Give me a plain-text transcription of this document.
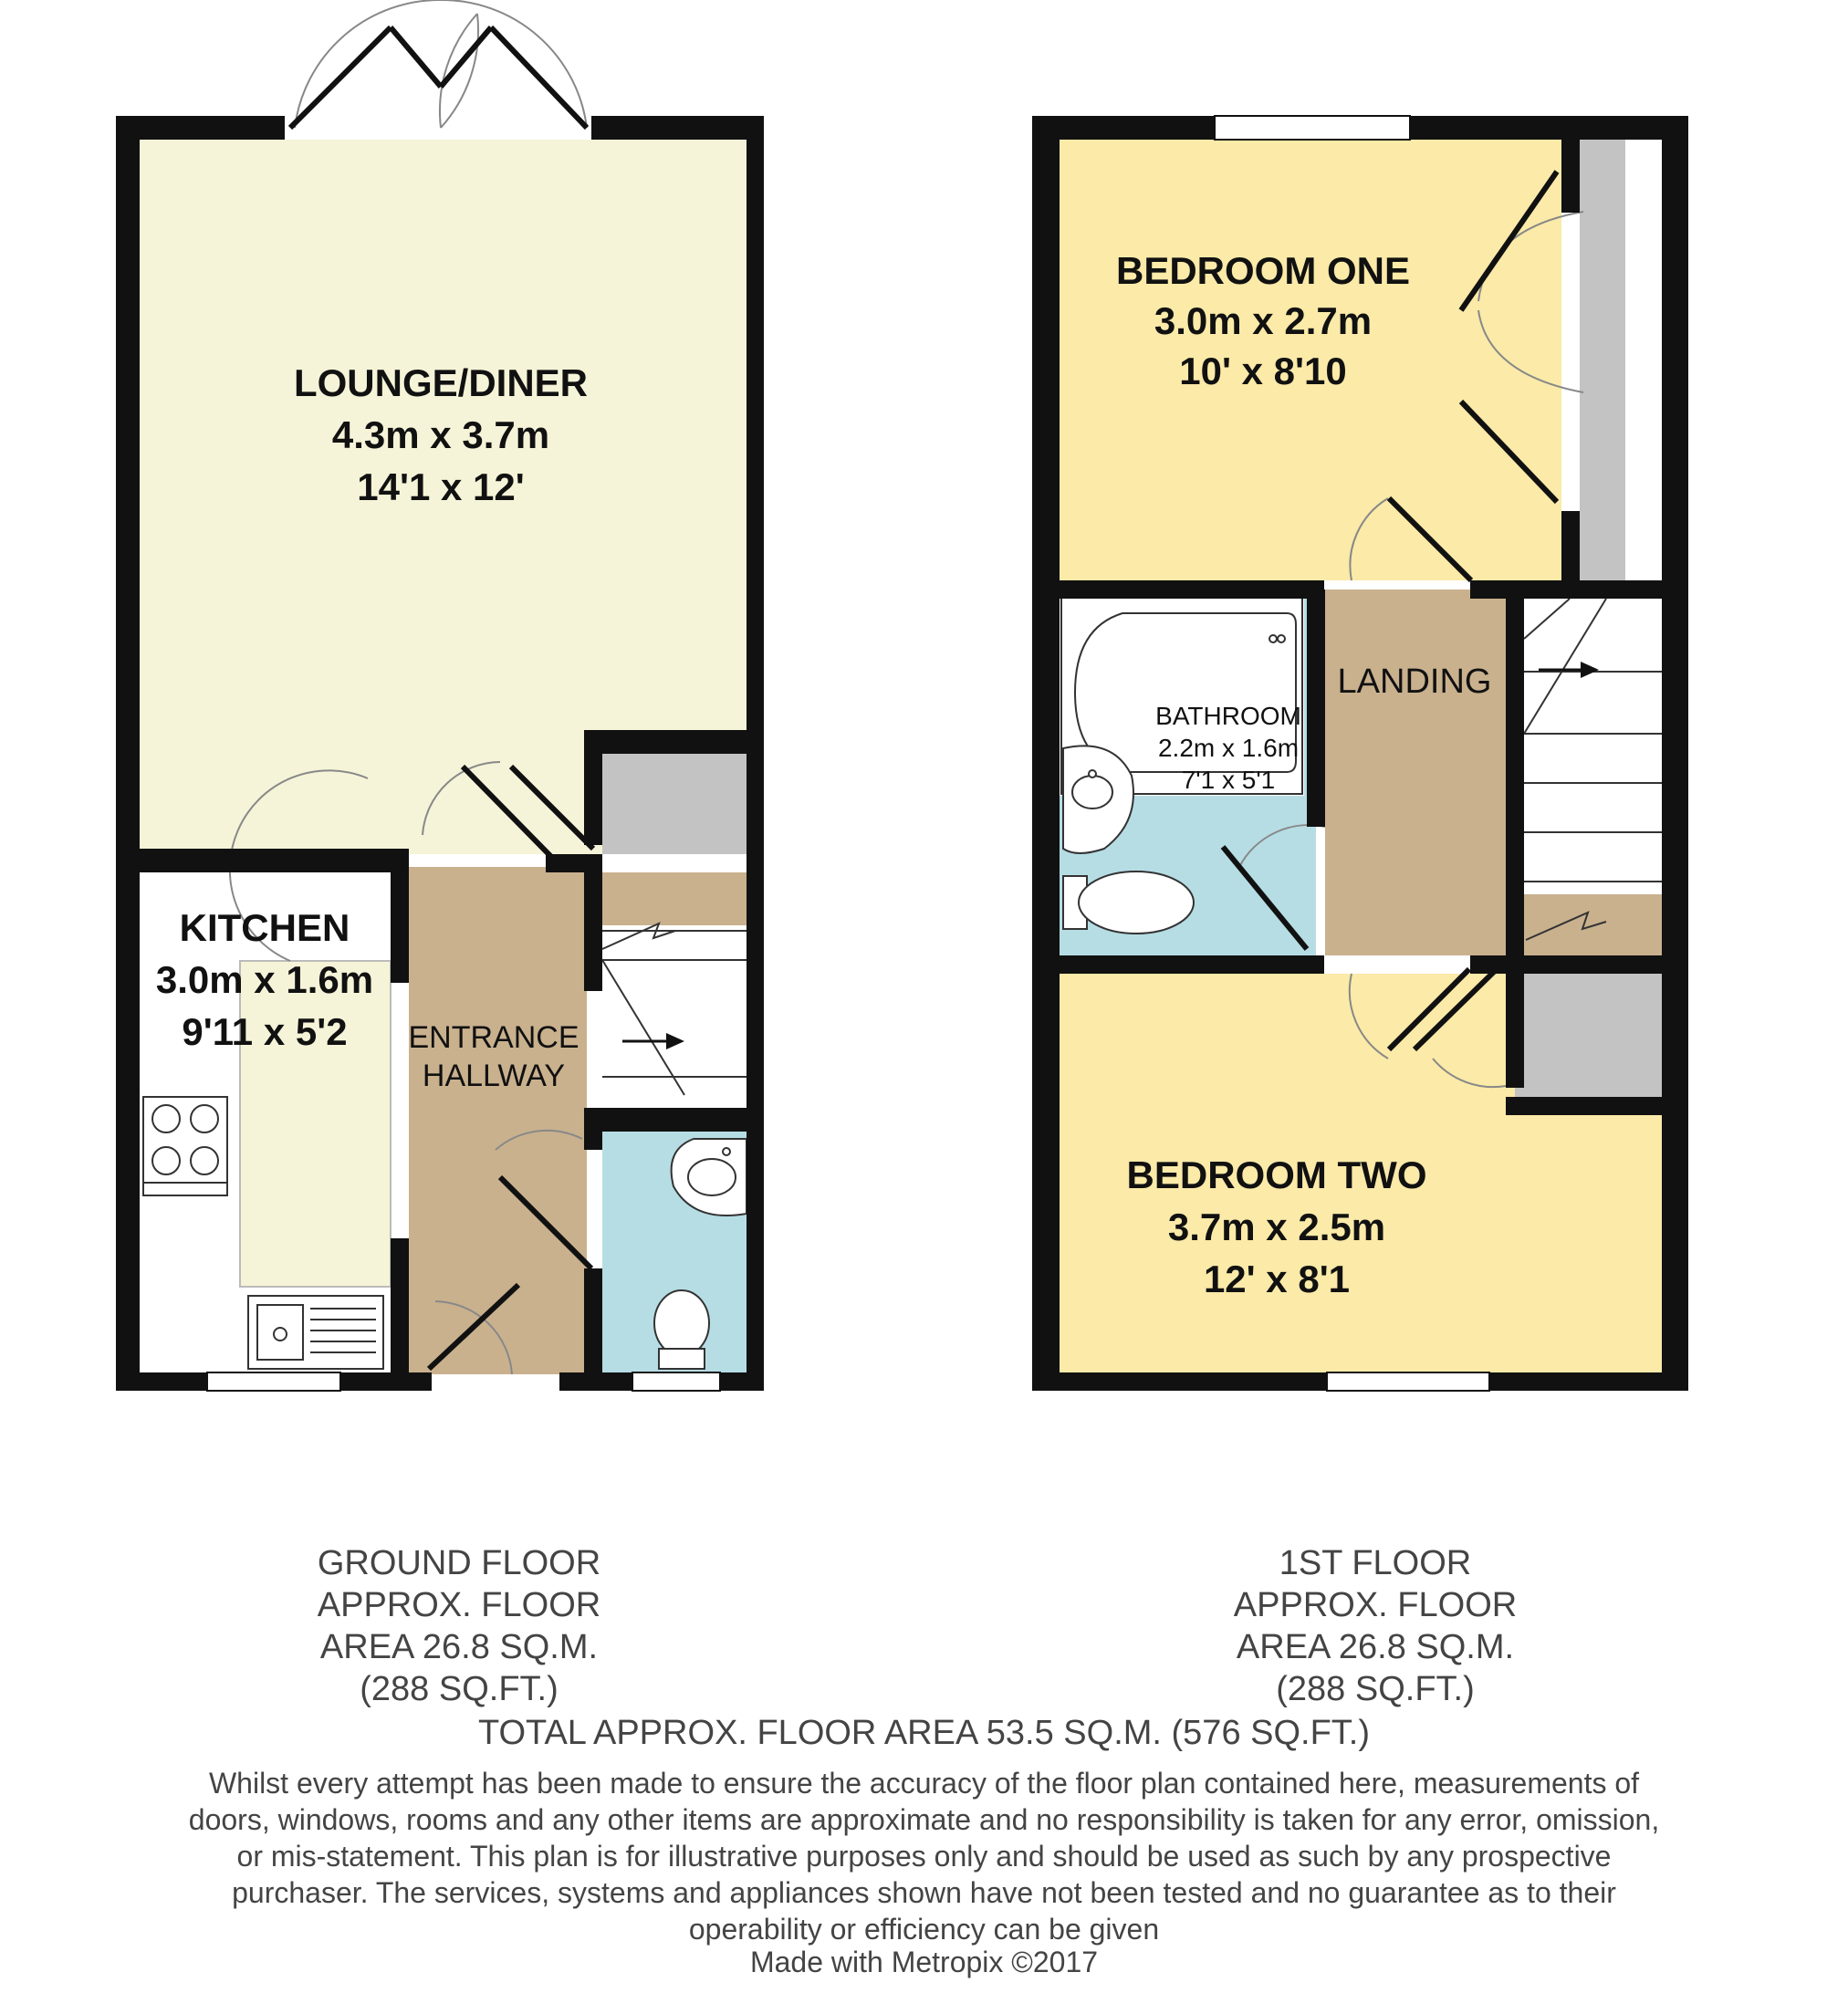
LOUNGE/DINER
4.3m x 3.7m
14'1 x 12'
KITCHEN
3.0m x 1.6m
9'11 x 5'2 ENTRANCE
HALLWAY
BEDROOM ONE
3.0m x 2.7m
10' x 8'10
LANDING
BATHROOM
2.2m x 1.6m
7'1 x 5'1
BEDROOM TWO
3.7m x 2.5m
12' x 8'1
GROUND FLOOR
APPROX. FLOOR
AREA 26.8 SQ.M.
(288 SQ.FT.)
1ST FLOOR
APPROX. FLOOR
AREA 26.8 SQ.M.
(288 SQ.FT.)
TOTAL APPROX. FLOOR AREA 53.5 SQ.M. (576 SQ.FT.)
Whilst every attempt has been made to ensure the accuracy of the floor plan contained here, measurements of doors, windows, rooms and any other items are approximate and no responsibility is taken for any error, omission, or mis-statement. This plan is for illustrative purposes only and should be used as such by any prospective purchaser. The services, systems and appliances shown have not been tested and no guarantee as to their operability or efficiency can be given
Made with Metropix ©2017
